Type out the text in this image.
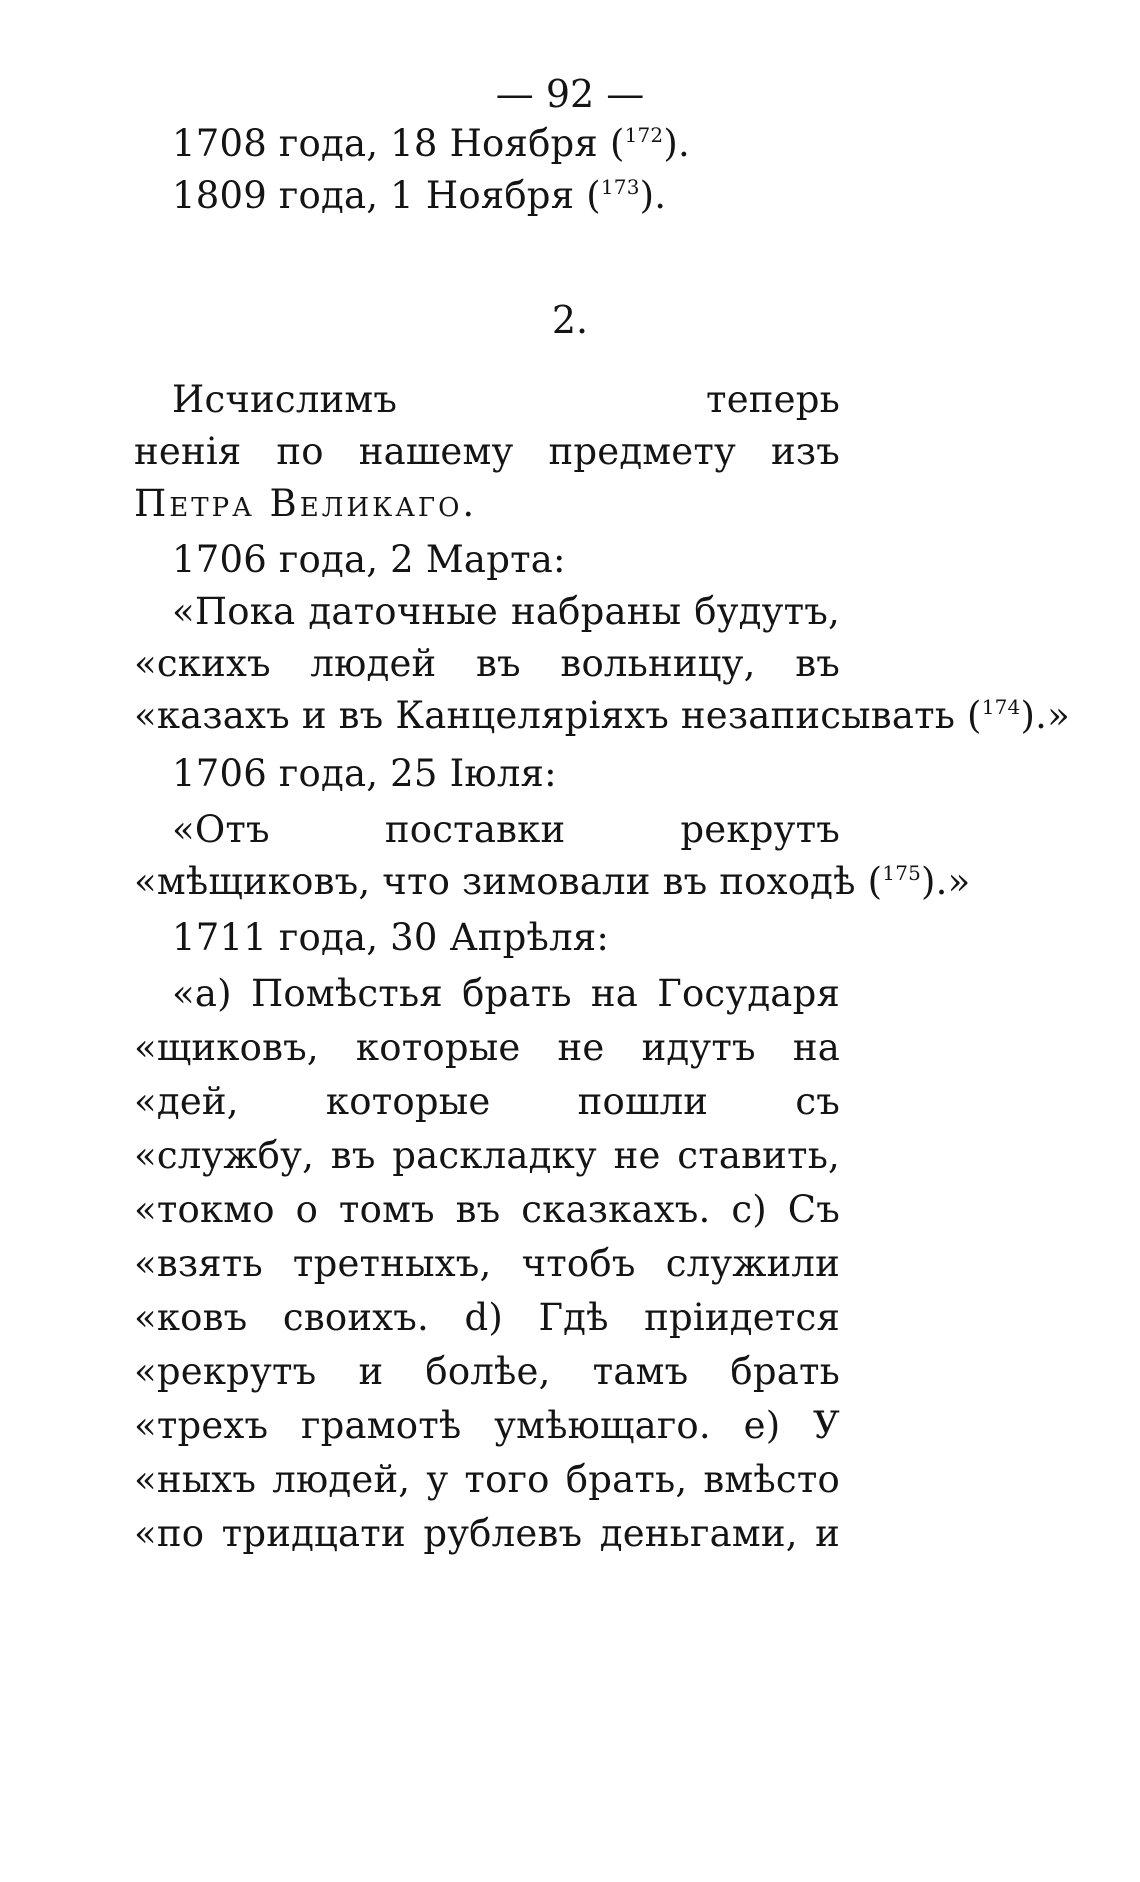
— 92 —
1708 года, 18 Ноября ($^{172}$).
1809 года, 1 Ноября ($^{173}$).
2.
Исчислимъ теперь
ненія по нашему предмету изъ
Петра Великаго.
1706 года, 2 Марта:
«Пока даточные набраны будутъ,
«скихъ людей въ вольницу, въ
«казахъ и въ Канцеляріяхъ незаписывать ($^{174}$).»
1706 года, 25 Іюля:
«Отъ поставки рекрутъ
«мѣщиковъ, что зимовали въ походѣ ($^{175}$).»
1711 года, 30 Апрѣля:
«a) Помѣстья брать на Государя
«щиковъ, которые не идутъ на
«дей, которые пошли съ
«службу, въ раскладку не ставить,
«токмо о томъ въ сказкахъ. c) Съ
«взять третныхъ, чтобъ служили
«ковъ своихъ. d) Гдѣ пріидется
«рекрутъ и болѣе, тамъ брать
«трехъ грамотѣ умѣющаго. e) У
«ныхъ людей, у того брать, вмѣсто
«по тридцати рублевъ деньгами, и
